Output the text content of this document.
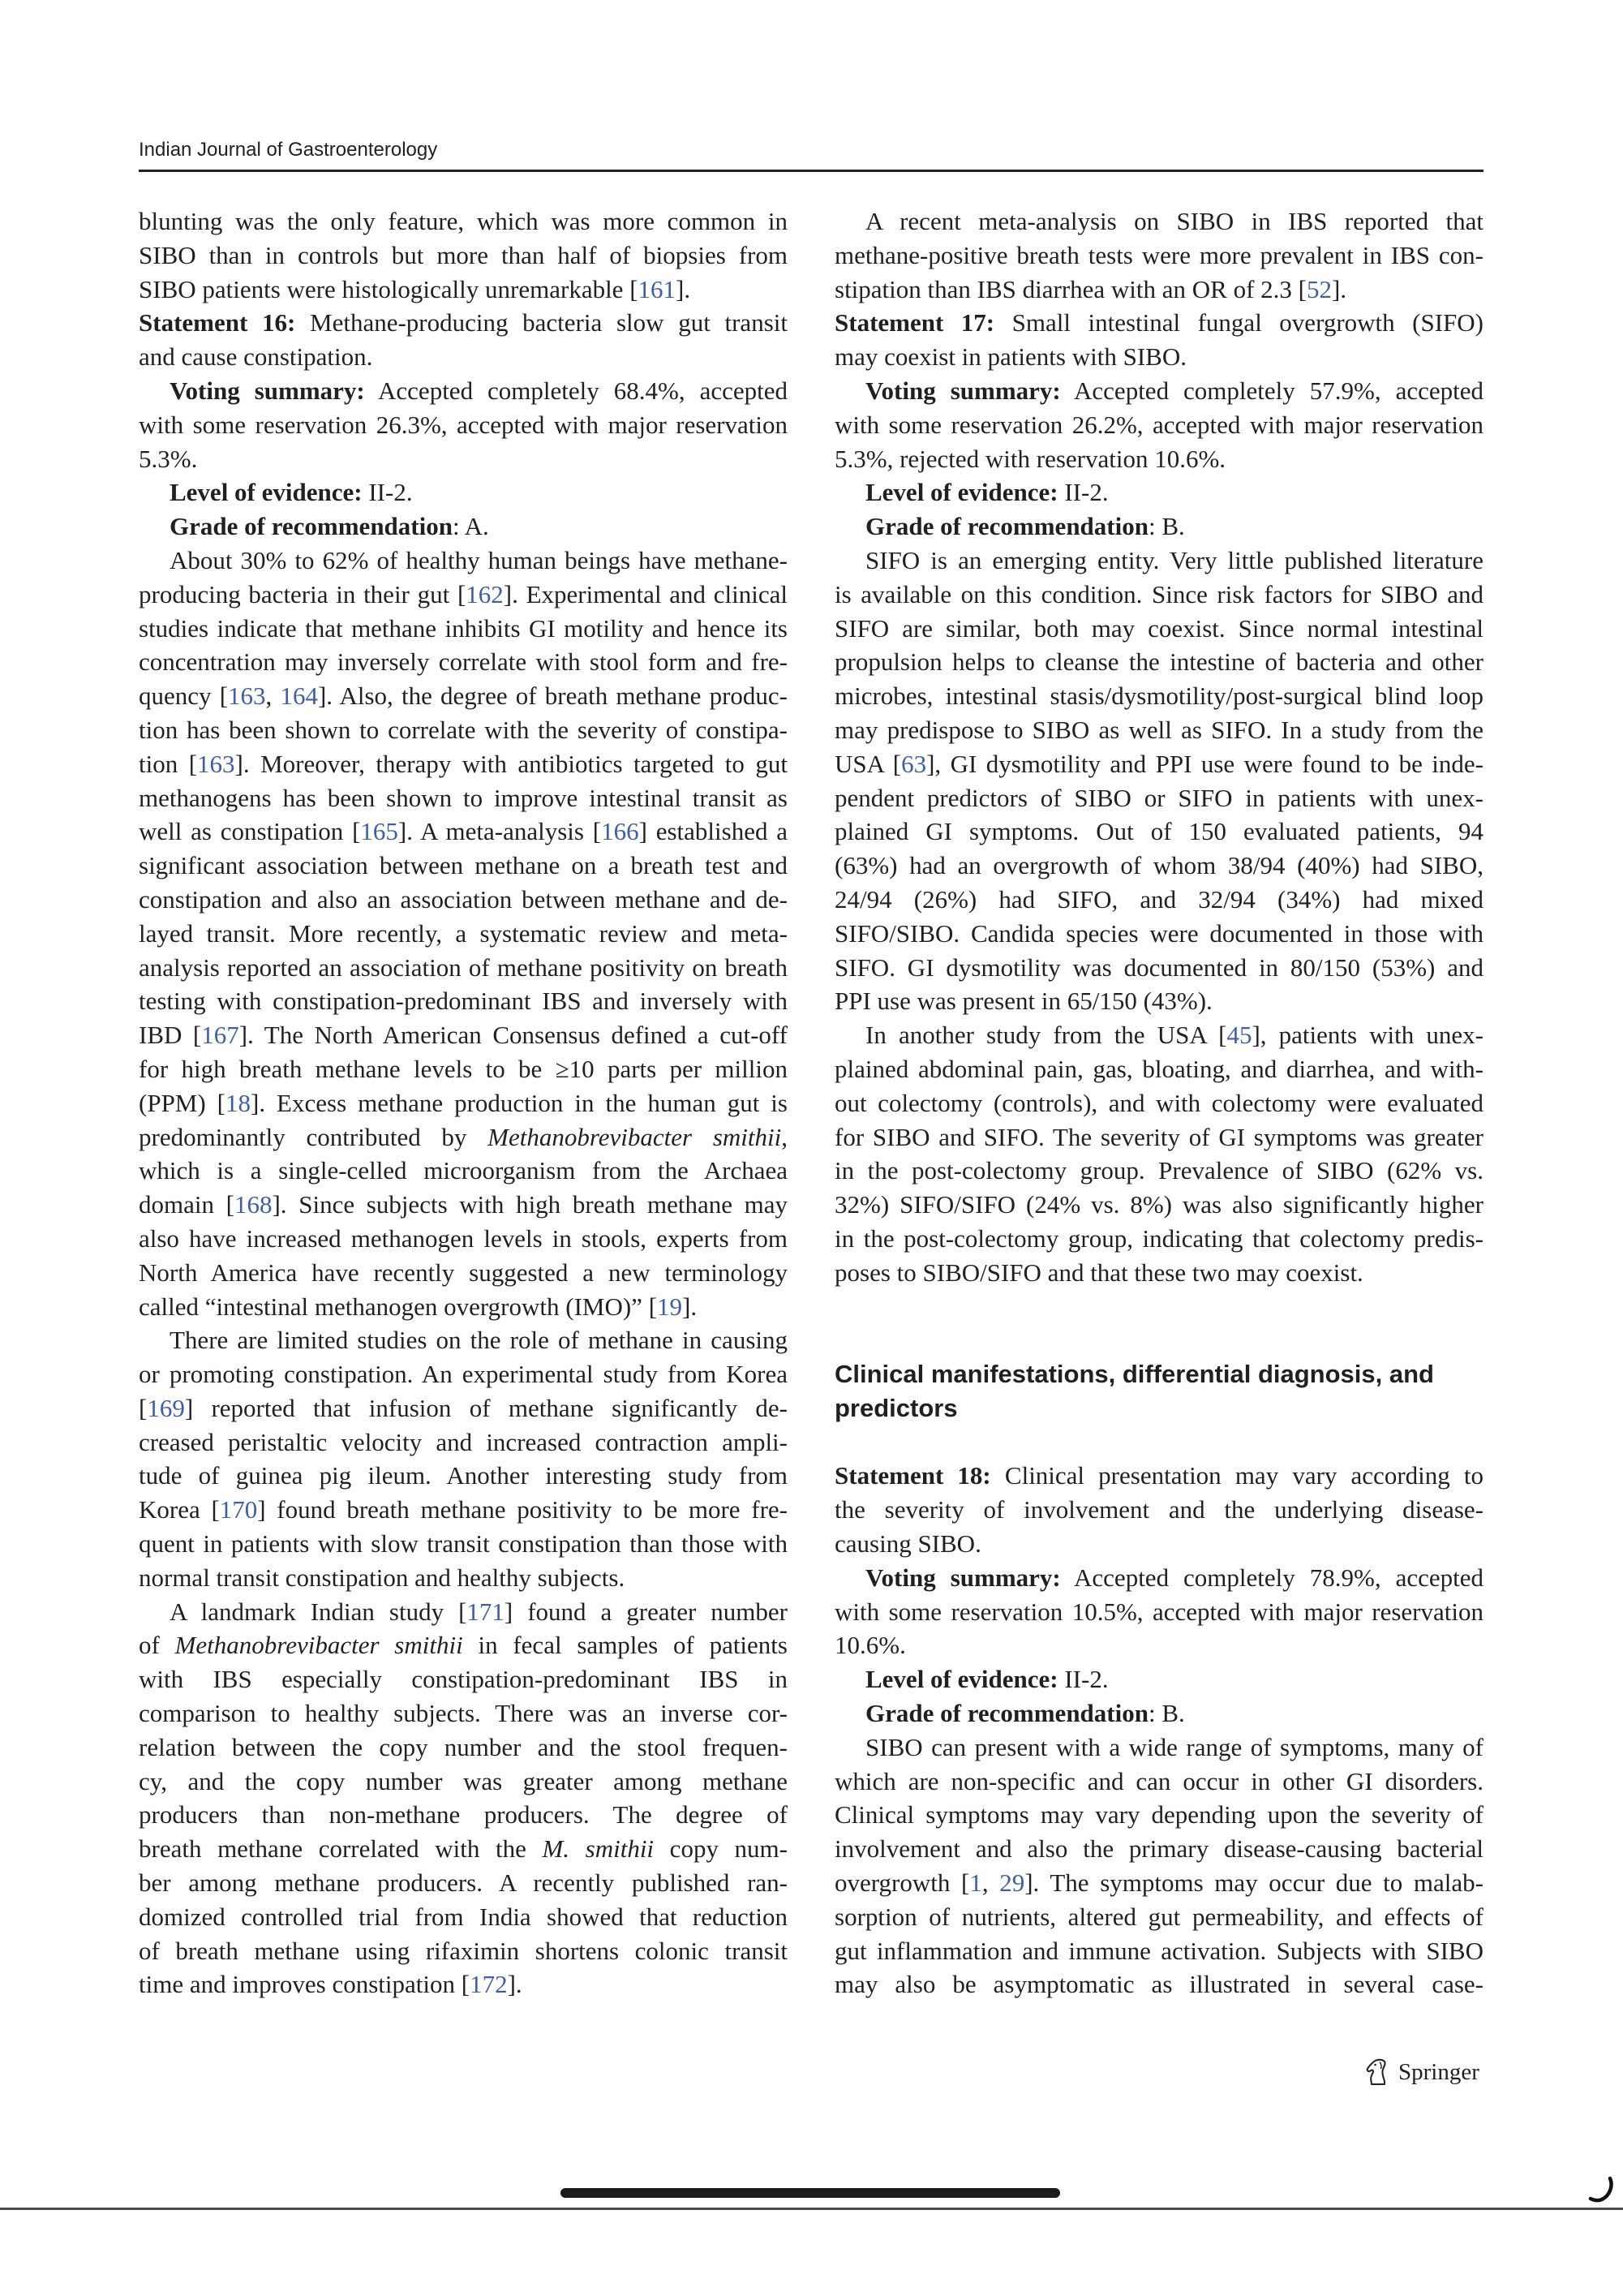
Indian Journal of Gastroenterology
blunting was the only feature, which was more common in
SIBO than in controls but more than half of biopsies from
SIBO patients were histologically unremarkable [161].
Statement 16: Methane-producing bacteria slow gut transit
and cause constipation.
Voting summary: Accepted completely 68.4%, accepted
with some reservation 26.3%, accepted with major reservation
5.3%.
Level of evidence: II-2.
Grade of recommendation: A.
About 30% to 62% of healthy human beings have methane-
producing bacteria in their gut [162]. Experimental and clinical
studies indicate that methane inhibits GI motility and hence its
concentration may inversely correlate with stool form and fre-
quency [163, 164]. Also, the degree of breath methane produc-
tion has been shown to correlate with the severity of constipa-
tion [163]. Moreover, therapy with antibiotics targeted to gut
methanogens has been shown to improve intestinal transit as
well as constipation [165]. A meta-analysis [166] established a
significant association between methane on a breath test and
constipation and also an association between methane and de-
layed transit. More recently, a systematic review and meta-
analysis reported an association of methane positivity on breath
testing with constipation-predominant IBS and inversely with
IBD [167]. The North American Consensus defined a cut-off
for high breath methane levels to be ≥10 parts per million
(PPM) [18]. Excess methane production in the human gut is
predominantly contributed by Methanobrevibacter smithii,
which is a single-celled microorganism from the Archaea
domain [168]. Since subjects with high breath methane may
also have increased methanogen levels in stools, experts from
North America have recently suggested a new terminology
called “intestinal methanogen overgrowth (IMO)” [19].
There are limited studies on the role of methane in causing
or promoting constipation. An experimental study from Korea
[169] reported that infusion of methane significantly de-
creased peristaltic velocity and increased contraction ampli-
tude of guinea pig ileum. Another interesting study from
Korea [170] found breath methane positivity to be more fre-
quent in patients with slow transit constipation than those with
normal transit constipation and healthy subjects.
A landmark Indian study [171] found a greater number
of Methanobrevibacter smithii in fecal samples of patients
with IBS especially constipation-predominant IBS in
comparison to healthy subjects. There was an inverse cor-
relation between the copy number and the stool frequen-
cy, and the copy number was greater among methane
producers than non-methane producers. The degree of
breath methane correlated with the M. smithii copy num-
ber among methane producers. A recently published ran-
domized controlled trial from India showed that reduction
of breath methane using rifaximin shortens colonic transit
time and improves constipation [172].
A recent meta-analysis on SIBO in IBS reported that
methane-positive breath tests were more prevalent in IBS con-
stipation than IBS diarrhea with an OR of 2.3 [52].
Statement 17: Small intestinal fungal overgrowth (SIFO)
may coexist in patients with SIBO.
Voting summary: Accepted completely 57.9%, accepted
with some reservation 26.2%, accepted with major reservation
5.3%, rejected with reservation 10.6%.
Level of evidence: II-2.
Grade of recommendation: B.
SIFO is an emerging entity. Very little published literature
is available on this condition. Since risk factors for SIBO and
SIFO are similar, both may coexist. Since normal intestinal
propulsion helps to cleanse the intestine of bacteria and other
microbes, intestinal stasis/dysmotility/post-surgical blind loop
may predispose to SIBO as well as SIFO. In a study from the
USA [63], GI dysmotility and PPI use were found to be inde-
pendent predictors of SIBO or SIFO in patients with unex-
plained GI symptoms. Out of 150 evaluated patients, 94
(63%) had an overgrowth of whom 38/94 (40%) had SIBO,
24/94 (26%) had SIFO, and 32/94 (34%) had mixed
SIFO/SIBO. Candida species were documented in those with
SIFO. GI dysmotility was documented in 80/150 (53%) and
PPI use was present in 65/150 (43%).
In another study from the USA [45], patients with unex-
plained abdominal pain, gas, bloating, and diarrhea, and with-
out colectomy (controls), and with colectomy were evaluated
for SIBO and SIFO. The severity of GI symptoms was greater
in the post-colectomy group. Prevalence of SIBO (62% vs.
32%) SIFO/SIFO (24% vs. 8%) was also significantly higher
in the post-colectomy group, indicating that colectomy predis-
poses to SIBO/SIFO and that these two may coexist.
Clinical manifestations, differential diagnosis, and
predictors
Statement 18: Clinical presentation may vary according to
the severity of involvement and the underlying disease-
causing SIBO.
Voting summary: Accepted completely 78.9%, accepted
with some reservation 10.5%, accepted with major reservation
10.6%.
Level of evidence: II-2.
Grade of recommendation: B.
SIBO can present with a wide range of symptoms, many of
which are non-specific and can occur in other GI disorders.
Clinical symptoms may vary depending upon the severity of
involvement and also the primary disease-causing bacterial
overgrowth [1, 29]. The symptoms may occur due to malab-
sorption of nutrients, altered gut permeability, and effects of
gut inflammation and immune activation. Subjects with SIBO
may also be asymptomatic as illustrated in several case-
Springer
